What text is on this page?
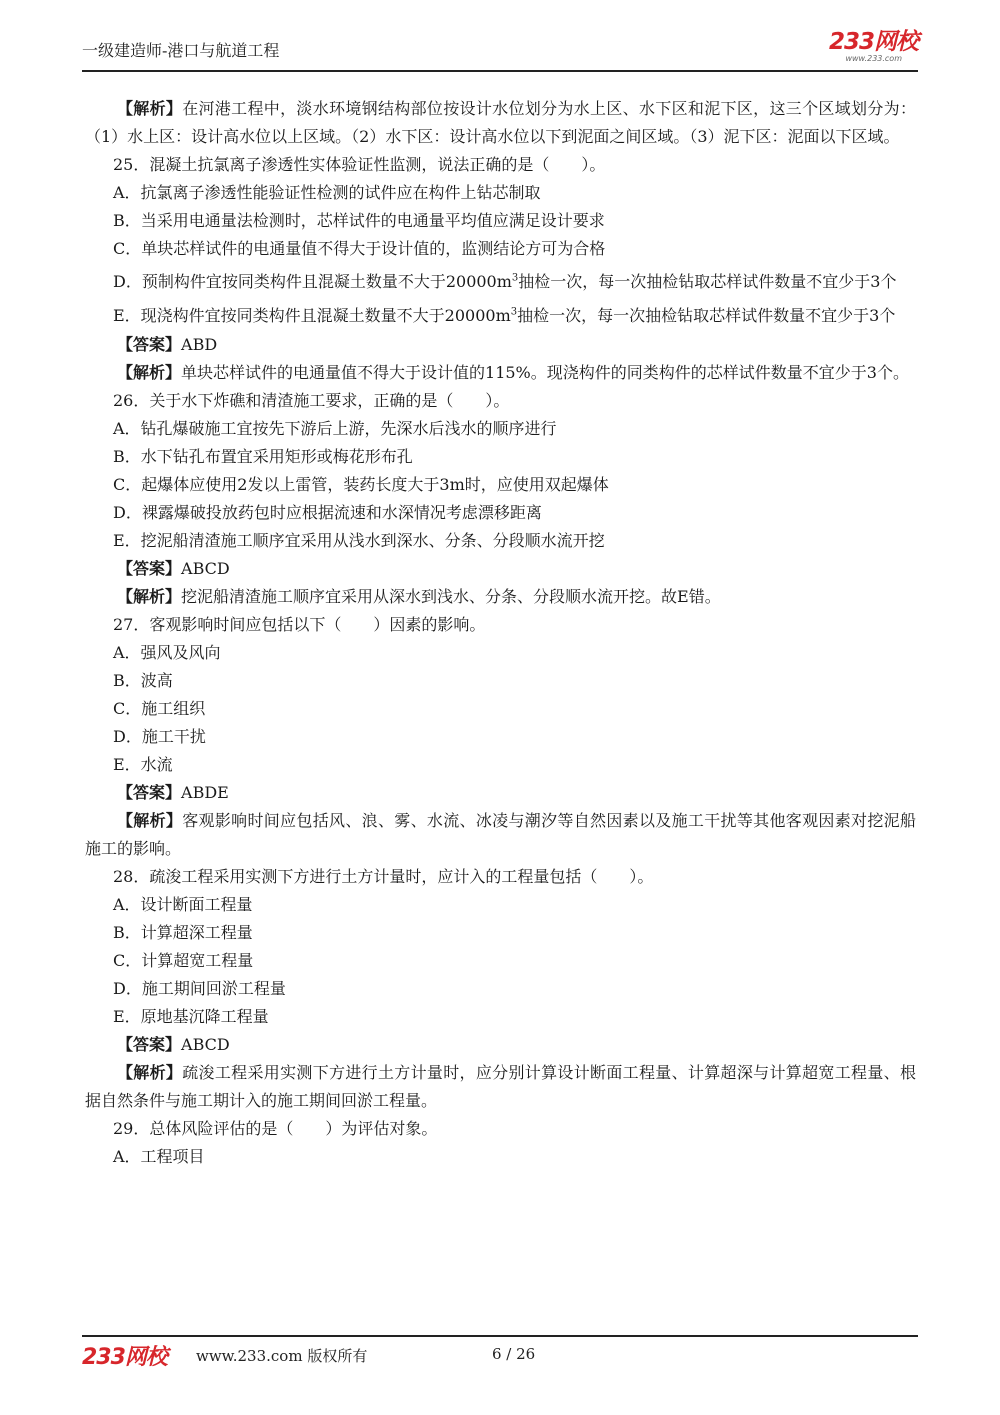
一级建造师-港口与航道工程	233网校
www.233.com

【解析】在河港工程中，淡水环境钢结构部位按设计水位划分为水上区、水下区和泥下区，这三个区域划分为：（1）水上区：设计高水位以上区域。（2）水下区：设计高水位以下到泥面之间区域。（3）泥下区：泥面以下区域。

25．混凝土抗氯离子渗透性实体验证性监测，说法正确的是（　　）。

A．抗氯离子渗透性能验证性检测的试件应在构件上钻芯制取

B．当采用电通量法检测时，芯样试件的电通量平均值应满足设计要求

C．单块芯样试件的电通量值不得大于设计值的，监测结论方可为合格

D．预制构件宜按同类构件且混凝土数量不大于$20000m^3$抽检一次，每一次抽检钻取芯样试件数量不宜少于3个

E．现浇构件宜按同类构件且混凝土数量不大于$20000m^3$抽检一次，每一次抽检钻取芯样试件数量不宜少于3个

【答案】ABD

【解析】单块芯样试件的电通量值不得大于设计值的115%。现浇构件的同类构件的芯样试件数量不宜少于3个。

26．关于水下炸礁和清渣施工要求，正确的是（　　）。

A．钻孔爆破施工宜按先下游后上游，先深水后浅水的顺序进行

B．水下钻孔布置宜采用矩形或梅花形布孔

C．起爆体应使用2发以上雷管，装药长度大于3m时，应使用双起爆体

D．裸露爆破投放药包时应根据流速和水深情况考虑漂移距离

E．挖泥船清渣施工顺序宜采用从浅水到深水、分条、分段顺水流开挖

【答案】ABCD

【解析】挖泥船清渣施工顺序宜采用从深水到浅水、分条、分段顺水流开挖。故E错。

27．客观影响时间应包括以下（　　）因素的影响。

A．强风及风向

B．波高

C．施工组织

D．施工干扰

E．水流

【答案】ABDE

【解析】客观影响时间应包括风、浪、雾、水流、冰凌与潮汐等自然因素以及施工干扰等其他客观因素对挖泥船施工的影响。

28．疏浚工程采用实测下方进行土方计量时，应计入的工程量包括（　　）。

A．设计断面工程量

B．计算超深工程量

C．计算超宽工程量

D．施工期间回淤工程量

E．原地基沉降工程量

【答案】ABCD

【解析】疏浚工程采用实测下方进行土方计量时，应分别计算设计断面工程量、计算超深与计算超宽工程量、根据自然条件与施工期计入的施工期间回淤工程量。

29．总体风险评估的是（　　）为评估对象。

A．工程项目

233网校 www.233.com 版权所有	6 / 26
